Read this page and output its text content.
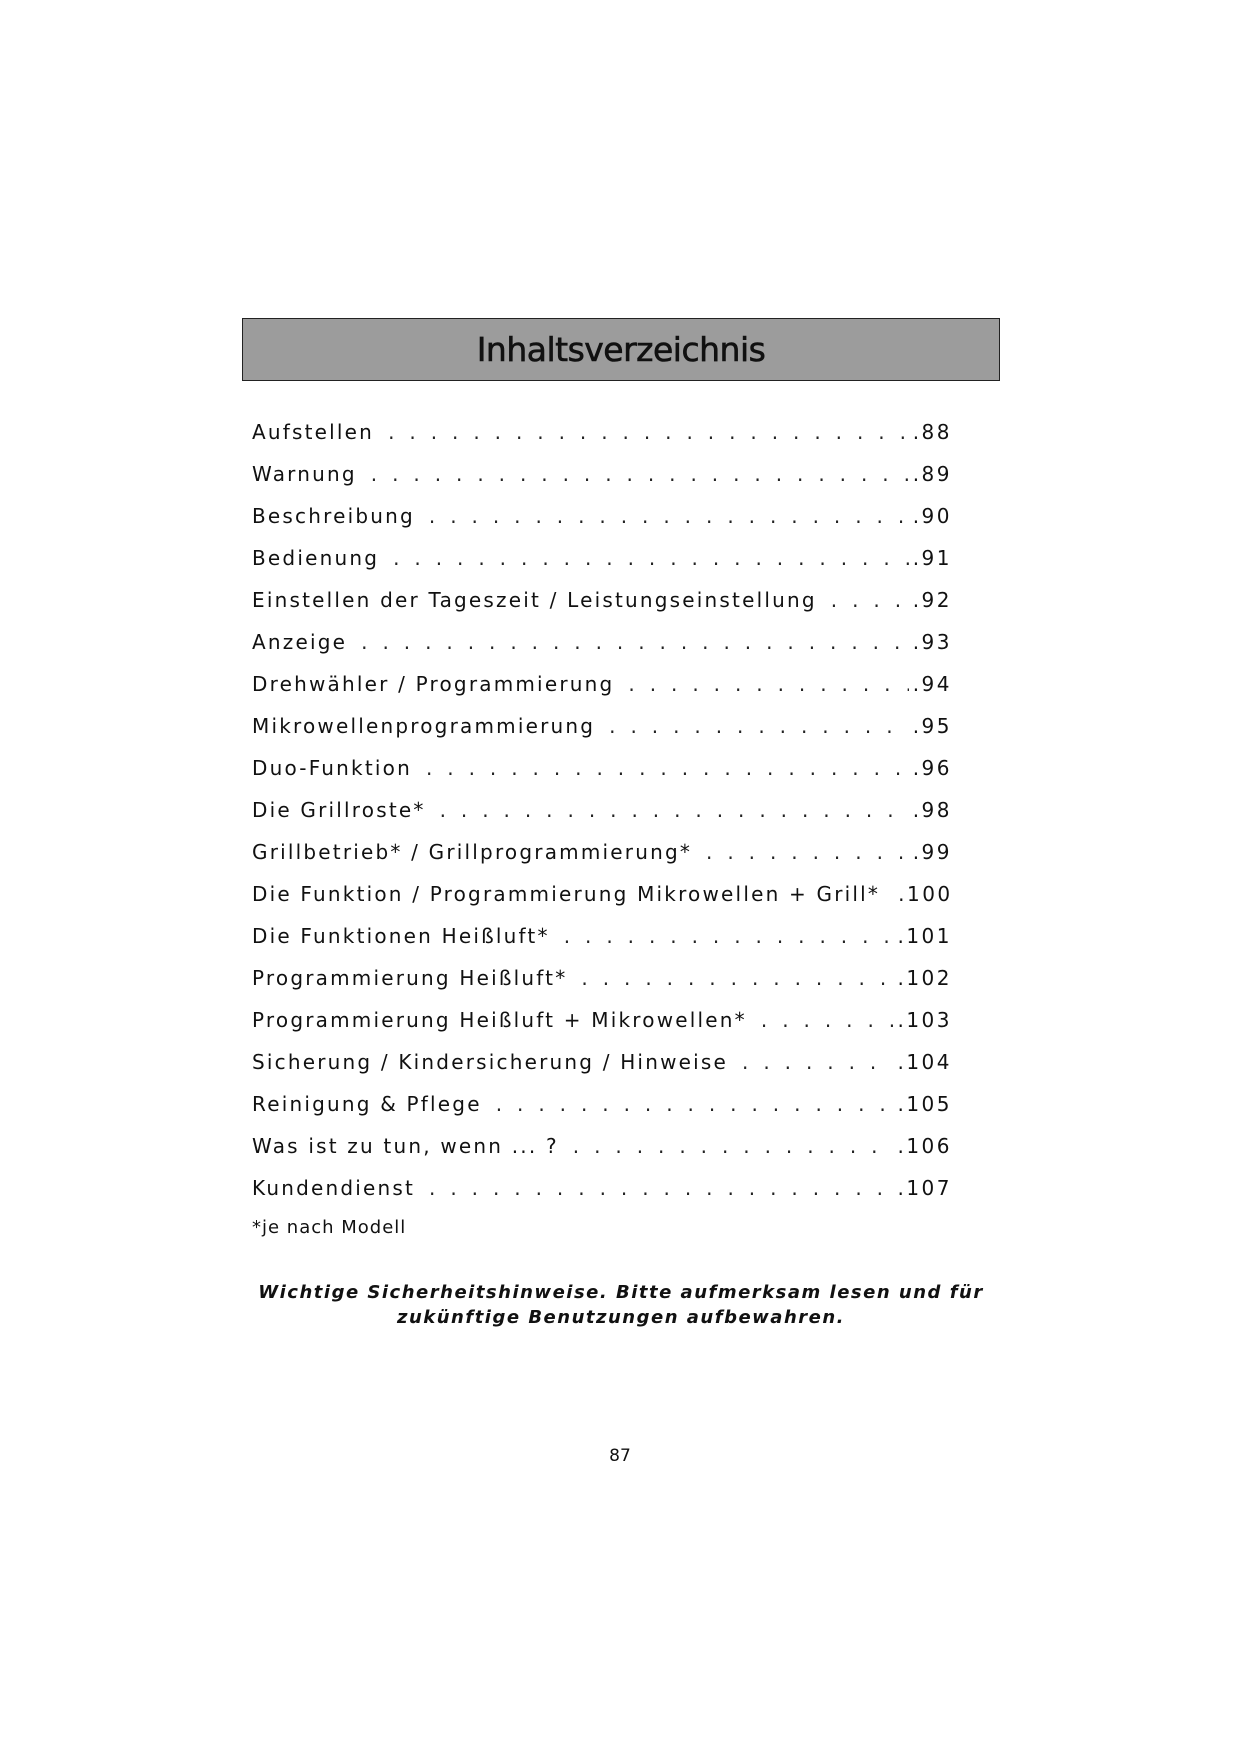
Inhaltsverzeichnis
Aufstellen . . .	.88
Warnung . . .	.89
Beschreibung . . .	.90
Bedienung . . .	.91
Einstellen der Tageszeit / Leistungseinstellung . . .	.92
Anzeige . . .	.93
Drehwähler / Programmierung . . .	.94
Mikrowellenprogrammierung . . .	.95
Duo-Funktion . . .	.96
Die Grillroste* . . .	.98
Grillbetrieb* / Grillprogrammierung* . . .	.99
Die Funktion / Programmierung Mikrowellen + Grill* .100
Die Funktionen Heißluft* . . .	.101
Programmierung Heißluft* . . .	.102
Programmierung Heißluft + Mikrowellen* . . .	.103
Sicherung / Kindersicherung / Hinweise . . .	.104
Reinigung & Pflege . . .	.105
Was ist zu tun, wenn ... ? . . .	.106
Kundendienst . . .	.107

*je nach Modell

Wichtige Sicherheitshinweise. Bitte aufmerksam lesen und für
zukünftige Benutzungen aufbewahren.

87
